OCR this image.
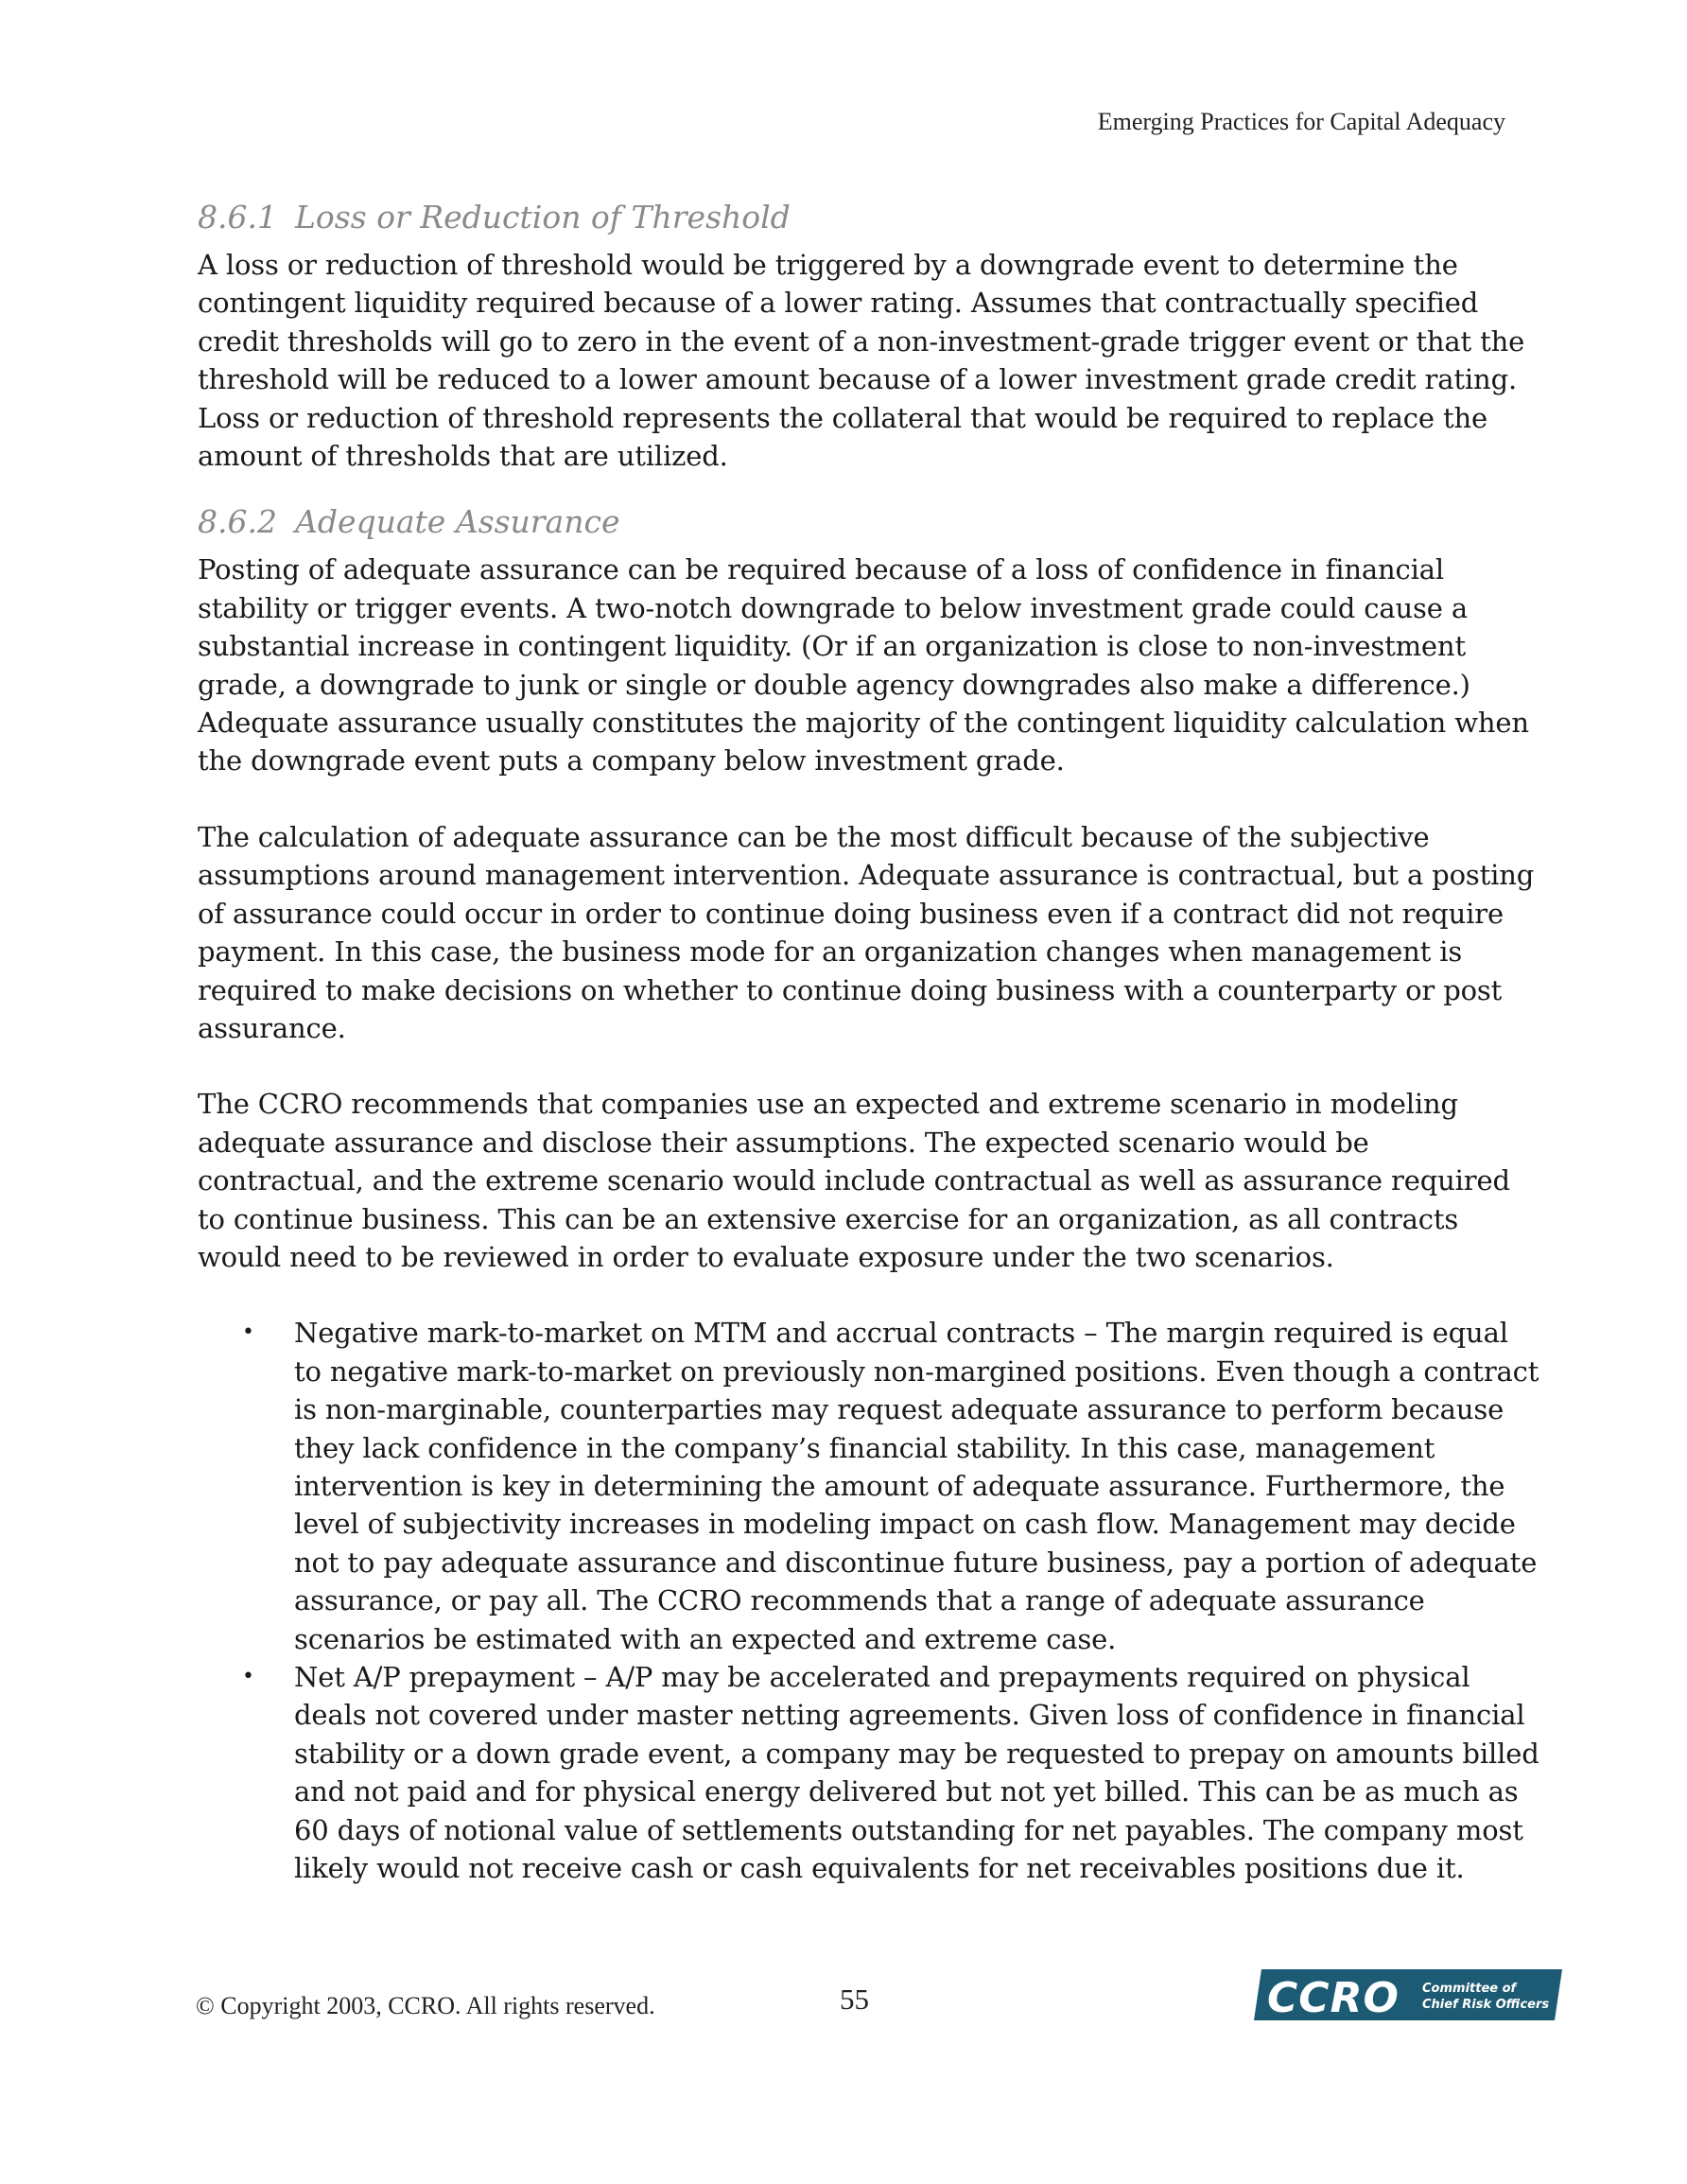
Emerging Practices for Capital Adequacy
8.6.1 Loss or Reduction of Threshold

A loss or reduction of threshold would be triggered by a downgrade event to determine the contingent liquidity required because of a lower rating. Assumes that contractually specified credit thresholds will go to zero in the event of a non-investment-grade trigger event or that the threshold will be reduced to a lower amount because of a lower investment grade credit rating. Loss or reduction of threshold represents the collateral that would be required to replace the amount of thresholds that are utilized.

8.6.2 Adequate Assurance

Posting of adequate assurance can be required because of a loss of confidence in financial stability or trigger events. A two-notch downgrade to below investment grade could cause a substantial increase in contingent liquidity. (Or if an organization is close to non-investment grade, a downgrade to junk or single or double agency downgrades also make a difference.) Adequate assurance usually constitutes the majority of the contingent liquidity calculation when the downgrade event puts a company below investment grade.

The calculation of adequate assurance can be the most difficult because of the subjective assumptions around management intervention. Adequate assurance is contractual, but a posting of assurance could occur in order to continue doing business even if a contract did not require payment. In this case, the business mode for an organization changes when management is required to make decisions on whether to continue doing business with a counterparty or post assurance.

The CCRO recommends that companies use an expected and extreme scenario in modeling adequate assurance and disclose their assumptions. The expected scenario would be contractual, and the extreme scenario would include contractual as well as assurance required to continue business. This can be an extensive exercise for an organization, as all contracts would need to be reviewed in order to evaluate exposure under the two scenarios.

• Negative mark-to-market on MTM and accrual contracts – The margin required is equal to negative mark-to-market on previously non-margined positions. Even though a contract is non-marginable, counterparties may request adequate assurance to perform because they lack confidence in the company’s financial stability. In this case, management intervention is key in determining the amount of adequate assurance. Furthermore, the level of subjectivity increases in modeling impact on cash flow. Management may decide not to pay adequate assurance and discontinue future business, pay a portion of adequate assurance, or pay all. The CCRO recommends that a range of adequate assurance scenarios be estimated with an expected and extreme case.
• Net A/P prepayment – A/P may be accelerated and prepayments required on physical deals not covered under master netting agreements. Given loss of confidence in financial stability or a down grade event, a company may be requested to prepay on amounts billed and not paid and for physical energy delivered but not yet billed. This can be as much as 60 days of notional value of settlements outstanding for net payables. The company most likely would not receive cash or cash equivalents for net receivables positions due it.
© Copyright 2003, CCRO. All rights reserved.	55	CCRO Committee of
Chief Risk Officers
